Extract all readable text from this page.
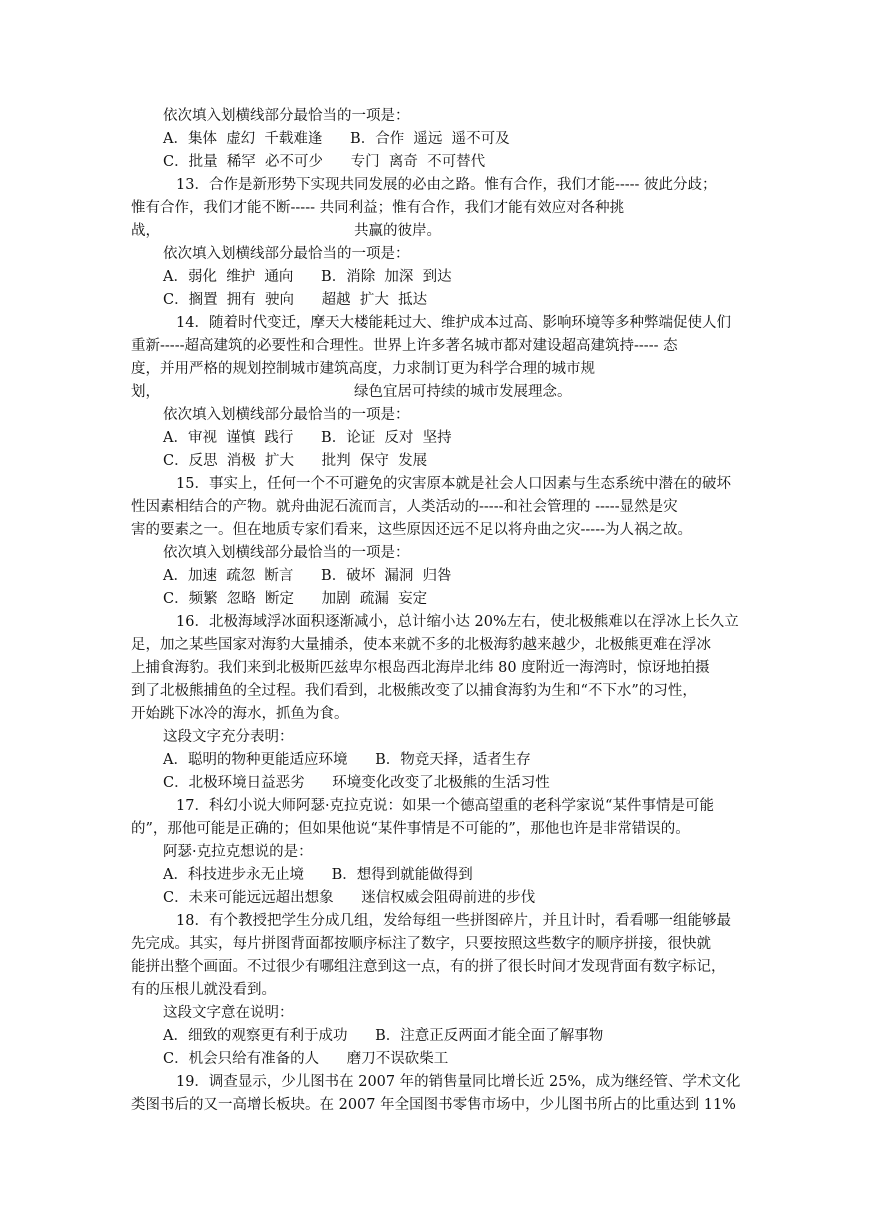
依次填入划横线部分最恰当的一项是：
A．集体  虚幻  千载难逢      B．合作  遥远  遥不可及
C．批量  稀罕  必不可少      专门  离奇  不可替代
13．合作是新形势下实现共同发展的必由之路。惟有合作，我们才能----- 彼此分歧；
惟有合作，我们才能不断----- 共同利益；惟有合作，我们才能有效应对各种挑
战，	共赢的彼岸。
依次填入划横线部分最恰当的一项是：
A．弱化  维护  通向      B．消除  加深  到达
C．搁置  拥有  驶向      超越  扩大  抵达
14．随着时代变迁，摩天大楼能耗过大、维护成本过高、影响环境等多种弊端促使人们
重新-----超高建筑的必要性和合理性。世界上许多著名城市都对建设超高建筑持----- 态
度，并用严格的规划控制城市建筑高度，力求制订更为科学合理的城市规
划，	绿色宜居可持续的城市发展理念。
依次填入划横线部分最恰当的一项是：
A．审视  谨慎  践行      B．论证  反对  坚持
C．反思  消极  扩大      批判  保守  发展
15．事实上，任何一个不可避免的灾害原本就是社会人口因素与生态系统中潜在的破坏
性因素相结合的产物。就舟曲泥石流而言，人类活动的-----和社会管理的 -----显然是灾
害的要素之一。但在地质专家们看来，这些原因还远不足以将舟曲之灾-----为人祸之故。
依次填入划横线部分最恰当的一项是：
A．加速  疏忽  断言      B．破坏  漏洞  归咎
C．频繁  忽略  断定      加剧  疏漏  妄定
16．北极海域浮冰面积逐渐减小，总计缩小达 20%左右，使北极熊难以在浮冰上长久立
足，加之某些国家对海豹大量捕杀，使本来就不多的北极海豹越来越少，北极熊更难在浮冰
上捕食海豹。我们来到北极斯匹兹卑尔根岛西北海岸北纬 80 度附近一海湾时，惊讶地拍摄
到了北极熊捕鱼的全过程。我们看到，北极熊改变了以捕食海豹为生和“不下水”的习性，
开始跳下冰冷的海水，抓鱼为食。
这段文字充分表明：
A．聪明的物种更能适应环境      B．物竞天择，适者生存
C．北极环境日益恶劣      环境变化改变了北极熊的生活习性
17．科幻小说大师阿瑟·克拉克说：如果一个德高望重的老科学家说“某件事情是可能
的”，那他可能是正确的；但如果他说“某件事情是不可能的”，那他也许是非常错误的。
阿瑟·克拉克想说的是：
A．科技进步永无止境      B．想得到就能做得到
C．未来可能远远超出想象      迷信权威会阻碍前进的步伐
18．有个教授把学生分成几组，发给每组一些拼图碎片，并且计时，看看哪一组能够最
先完成。其实，每片拼图背面都按顺序标注了数字，只要按照这些数字的顺序拼接，很快就
能拼出整个画面。不过很少有哪组注意到这一点，有的拼了很长时间才发现背面有数字标记，
有的压根儿就没看到。
这段文字意在说明：
A．细致的观察更有利于成功      B．注意正反两面才能全面了解事物
C．机会只给有准备的人      磨刀不误砍柴工
19．调查显示，少儿图书在 2007 年的销售量同比增长近 25%，成为继经管、学术文化
类图书后的又一高增长板块。在 2007 年全国图书零售市场中，少儿图书所占的比重达到 11%
